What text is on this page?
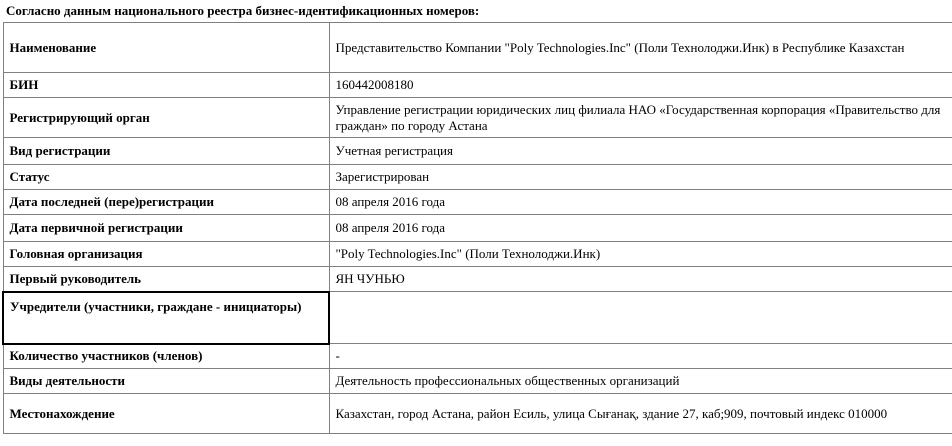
Согласно данным национального реестра бизнес-идентификационных номеров:
Наименование	Представительство Компании "Poly Technologies.Inc" (Поли Технолоджи.Инк) в Республике Казахстан
БИН	160442008180
Регистрирующий орган	Управление регистрации юридических лиц филиала НАО «Государственная корпорация «Правительство для граждан» по городу Астана
Вид регистрации	Учетная регистрация
Статус	Зарегистрирован
Дата последней (пере)регистрации	08 апреля 2016 года
Дата первичной регистрации	08 апреля 2016 года
Головная организация	"Poly Technologies.Inc" (Поли Технолоджи.Инк)
Первый руководитель	ЯН ЧУНЬЮ
Учредители (участники, граждане - инициаторы)	
Количество участников (членов)	-
Виды деятельности	Деятельность профессиональных общественных организаций
Местонахождение	Казахстан, город Астана, район Есиль, улица Сығанақ, здание 27, каб;909, почтовый индекс 010000
